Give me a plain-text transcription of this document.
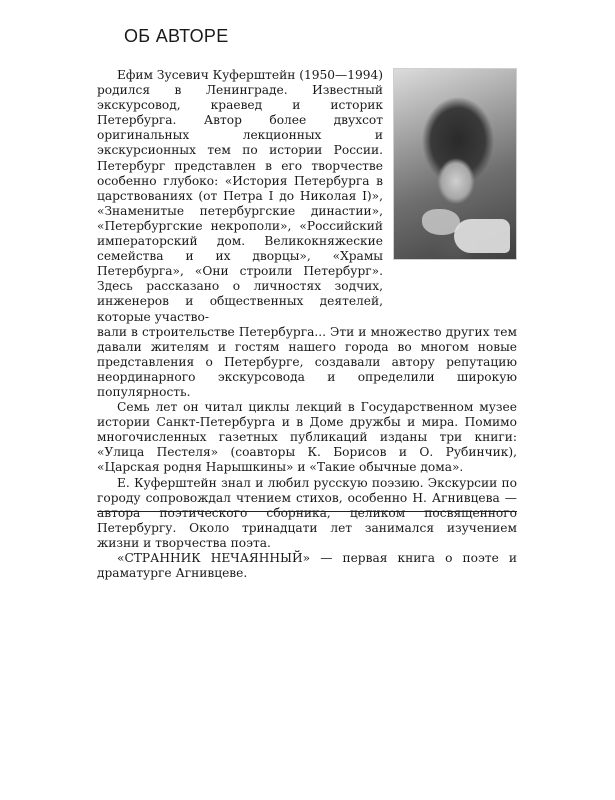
ОБ АВТОРЕ

Ефим Зусевич Куферштейн (1950—1994) родился в Ленинграде. Известный экскурсовод, краевед и историк Петербурга. Автор более двухсот оригинальных лекционных и экскурсионных тем по истории России. Петербург представлен в его творчестве особенно глубоко: «История Петербурга в царствованиях (от Петра I до Николая I)», «Знаменитые петербургские династии», «Петербургские некрополи», «Российский императорский дом. Великокняжеские семейства и их дворцы», «Храмы Петербурга», «Они строили Петербург». Здесь рассказано о личностях зодчих, инженеров и общественных деятелей, которые участво-

вали в строительстве Петербурга... Эти и множество других тем давали жителям и гостям нашего города во многом новые представления о Петербурге, создавали автору репутацию неординарного экскурсовода и определили широкую популярность.

Семь лет он читал циклы лекций в Государственном музее истории Санкт-Петербурга и в Доме дружбы и мира. Помимо многочисленных газетных публикаций изданы три книги: «Улица Пестеля» (соавторы К. Борисов и О. Рубинчик), «Царская родня Нарышкины» и «Такие обычные дома».

Е. Куферштейн знал и любил русскую поэзию. Экскурсии по городу сопровождал чтением стихов, особенно Н. Агнивцева — автора поэтического сборника, целиком посвященного Петербургу. Около тринадцати лет занимался изучением жизни и творчества поэта.

«СТРАННИК НЕЧАЯННЫЙ» — первая книга о поэте и драматурге Агнивцеве.
